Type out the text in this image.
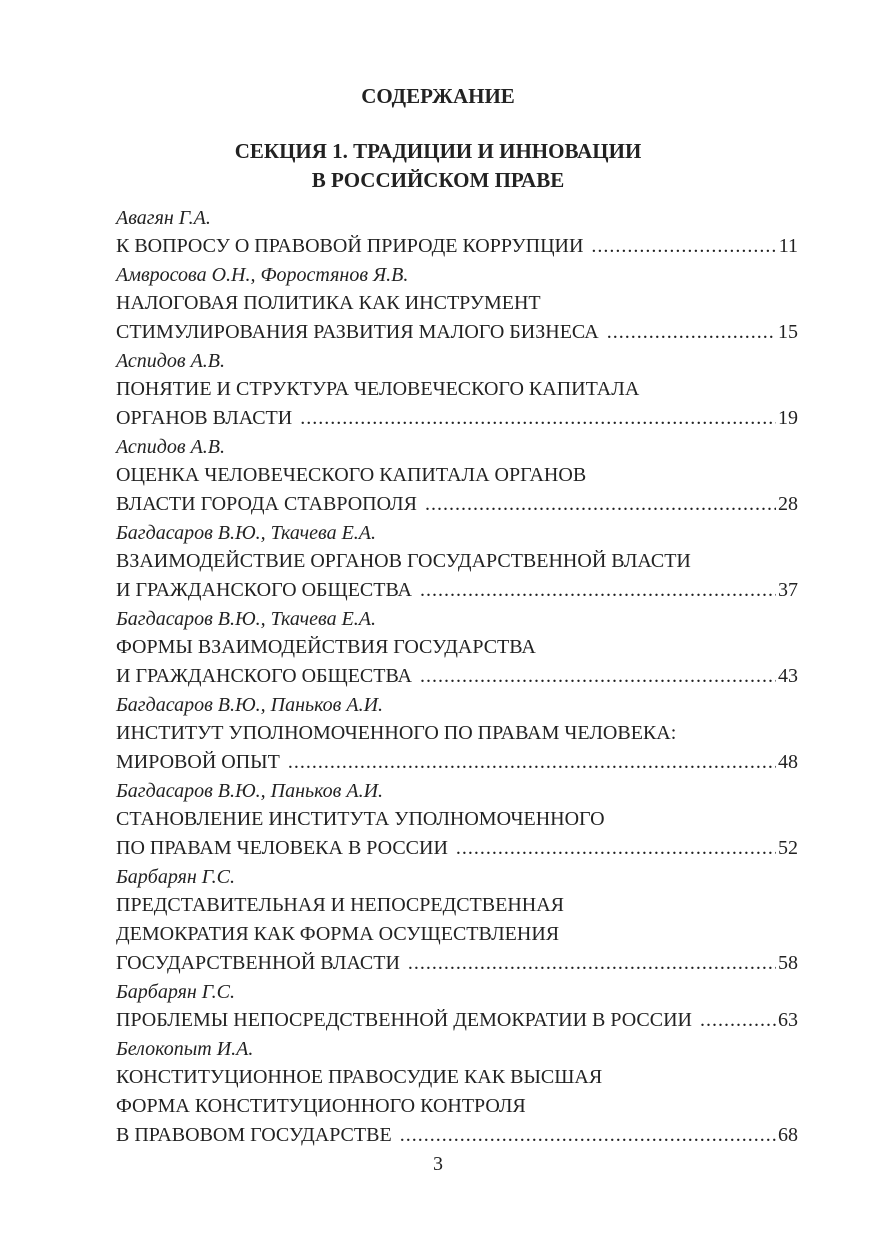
СОДЕРЖАНИЕ
СЕКЦИЯ 1. ТРАДИЦИИ И ИННОВАЦИИ
В РОССИЙСКОМ ПРАВЕ
Авагян Г.А.
К ВОПРОСУ О ПРАВОВОЙ ПРИРОДЕ КОРРУПЦИИ .....	11
Амвросова О.Н., Форостянов Я.В.
НАЛОГОВАЯ ПОЛИТИКА КАК ИНСТРУМЕНТ
СТИМУЛИРОВАНИЯ РАЗВИТИЯ МАЛОГО БИЗНЕСА .....	15
Аспидов А.В.
ПОНЯТИЕ И СТРУКТУРА ЧЕЛОВЕЧЕСКОГО КАПИТАЛА
ОРГАНОВ ВЛАСТИ .....	19
Аспидов А.В.
ОЦЕНКА ЧЕЛОВЕЧЕСКОГО КАПИТАЛА ОРГАНОВ
ВЛАСТИ ГОРОДА СТАВРОПОЛЯ .....	28
Багдасаров В.Ю., Ткачева Е.А.
ВЗАИМОДЕЙСТВИЕ ОРГАНОВ ГОСУДАРСТВЕННОЙ ВЛАСТИ
И ГРАЖДАНСКОГО ОБЩЕСТВА .....	37
Багдасаров В.Ю., Ткачева Е.А.
ФОРМЫ ВЗАИМОДЕЙСТВИЯ ГОСУДАРСТВА
И ГРАЖДАНСКОГО ОБЩЕСТВА .....	43
Багдасаров В.Ю., Паньков А.И.
ИНСТИТУТ УПОЛНОМОЧЕННОГО ПО ПРАВАМ ЧЕЛОВЕКА:
МИРОВОЙ ОПЫТ .....	48
Багдасаров В.Ю., Паньков А.И.
СТАНОВЛЕНИЕ ИНСТИТУТА УПОЛНОМОЧЕННОГО
ПО ПРАВАМ ЧЕЛОВЕКА В РОССИИ .....	52
Барбарян Г.С.
ПРЕДСТАВИТЕЛЬНАЯ И НЕПОСРЕДСТВЕННАЯ
ДЕМОКРАТИЯ КАК ФОРМА ОСУЩЕСТВЛЕНИЯ
ГОСУДАРСТВЕННОЙ ВЛАСТИ .....	58
Барбарян Г.С.
ПРОБЛЕМЫ НЕПОСРЕДСТВЕННОЙ ДЕМОКРАТИИ В РОССИИ .....	63
Белокопыт И.А.
КОНСТИТУЦИОННОЕ ПРАВОСУДИЕ КАК ВЫСШАЯ
ФОРМА КОНСТИТУЦИОННОГО КОНТРОЛЯ
В ПРАВОВОМ ГОСУДАРСТВЕ .....	68
3
